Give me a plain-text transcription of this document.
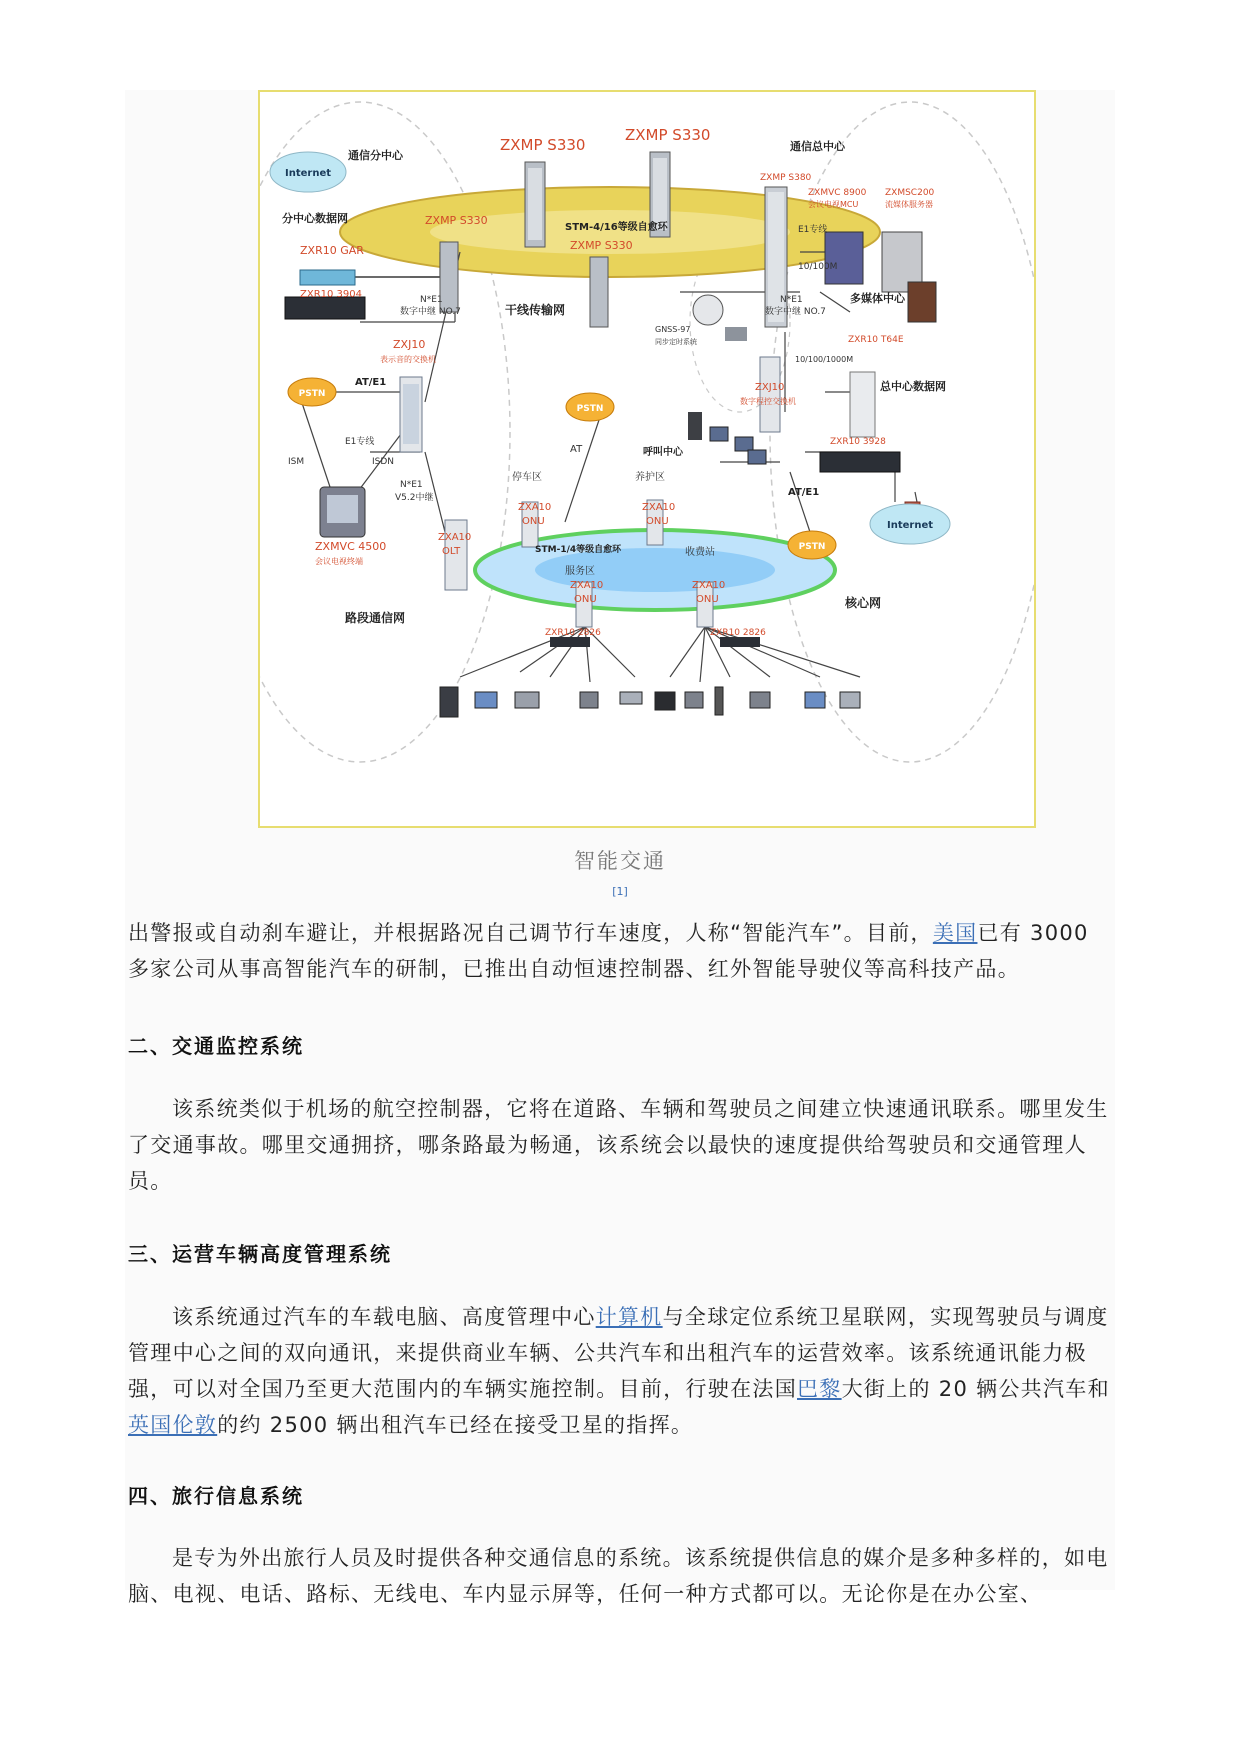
Internet
Internet
PSTN
PSTN
PSTN
ZXMP S330
ZXMP S330
ZXMP S330
ZXMP S330
ZXMP S380
STM-4/16等级自愈环
干线传输网
通信分中心
分中心数据网
通信总中心
ZXR10 GAR
ZXR10 3904	N*E1
数字中继 NO.7
ZXJ10
表示音的交换机
AT/E1
E1专线
ISDN
ISM
N*E1
V5.2中继
ZXMVC 4500
会议电视终端
路段通信网
AT
停车区	养护区
ZXA10
ONU
ZXA10
ONU
ZXA10
OLT	STM-1/4等级自愈环
服务区
收费站
ZXA10
ONU
ZXA10
ONU
ZXR10 2826	ZXR10 2826
ZXMVC 8900
会议电视MCU
ZXMSC200
流媒体服务器
E1专线
10/100M
N*E1
数字中继 NO.7
多媒体中心
GNSS-97
同步定时系统	ZXR10 T64E
10/100/1000M
总中心数据网
ZXJ10
数字程控交换机
呼叫中心
ZXR10 3928
AT/E1
核心网
智能交通
[1]

出警报或自动刹车避让，并根据路况自己调节行车速度，人称“智能汽车”。目前，美国已有 3000

多家公司从事高智能汽车的研制，已推出自动恒速控制器、红外智能导驶仪等高科技产品。

二、交通监控系统

该系统类似于机场的航空控制器，它将在道路、车辆和驾驶员之间建立快速通讯联系。哪里发生了交通事故。哪里交通拥挤，哪条路最为畅通，该系统会以最快的速度提供给驾驶员和交通管理人员。

三、运营车辆高度管理系统

该系统通过汽车的车载电脑、高度管理中心计算机与全球定位系统卫星联网，实现驾驶员与调度管理中心之间的双向通讯，来提供商业车辆、公共汽车和出租汽车的运营效率。该系统通讯能力极强，可以对全国乃至更大范围内的车辆实施控制。目前，行驶在法国巴黎大街上的 20 辆公共汽车和英国伦敦的约 2500 辆出租汽车已经在接受卫星的指挥。

四、旅行信息系统

是专为外出旅行人员及时提供各种交通信息的系统。该系统提供信息的媒介是多种多样的，如电脑、电视、电话、路标、无线电、车内显示屏等，任何一种方式都可以。无论你是在办公室、
